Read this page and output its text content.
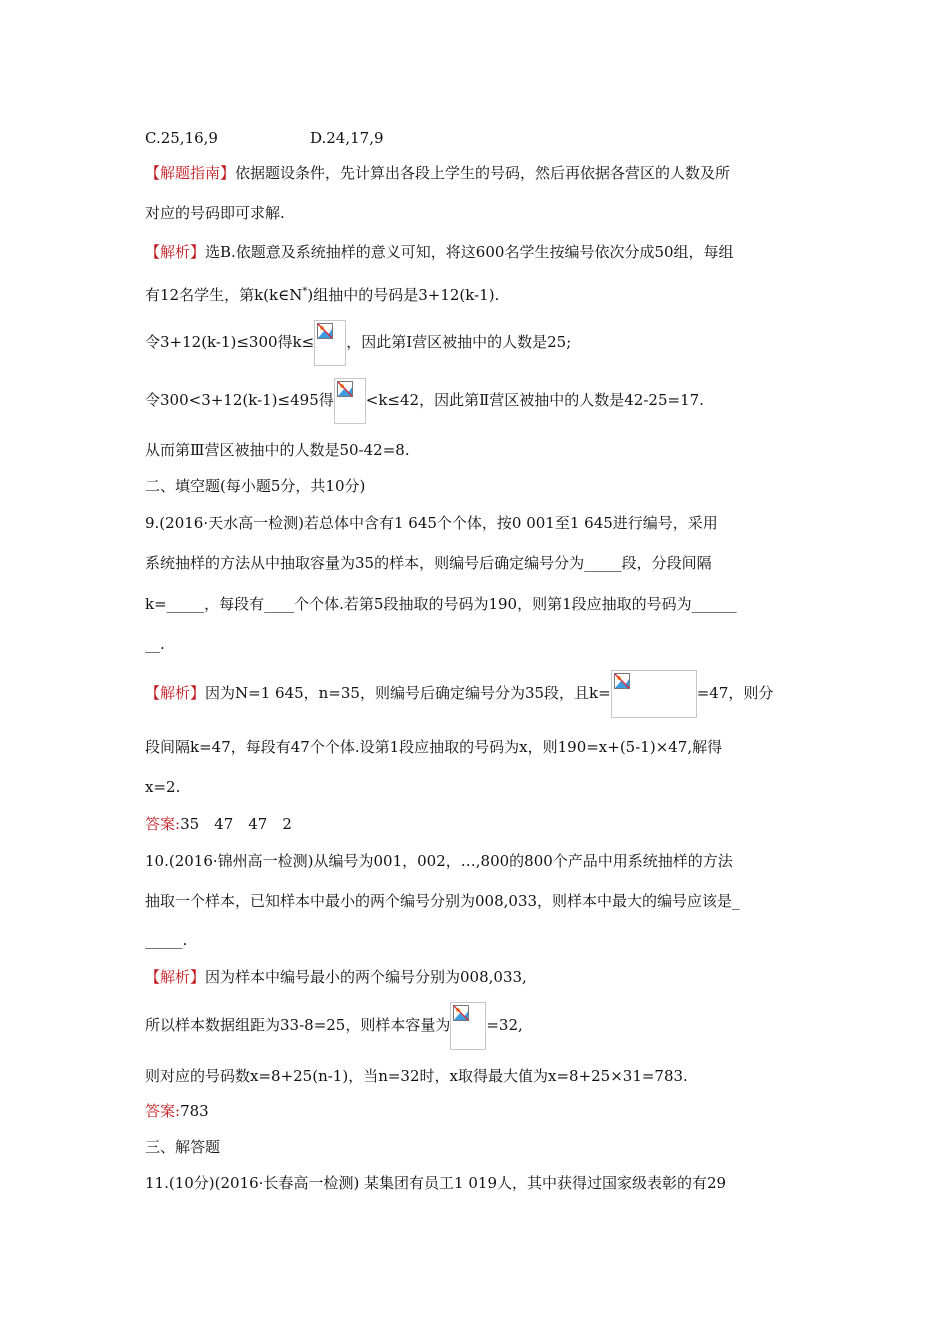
C.25,16,9	D.24,17,9
【解题指南】依据题设条件，先计算出各段上学生的号码，然后再依据各营区的人数及所
对应的号码即可求解.
【解析】选B.依题意及系统抽样的意义可知，将这600名学生按编号依次分成50组，每组
有12名学生，第k(k∈N*)组抽中的号码是3+12(k-1).
令3+12(k-1)≤300得k≤ ，因此第Ⅰ营区被抽中的人数是25;
令300<3+12(k-1)≤495得 <k≤42，因此第Ⅱ营区被抽中的人数是42-25=17.
从而第Ⅲ营区被抽中的人数是50-42=8.
二、填空题(每小题5分，共10分)
9.(2016·天水高一检测)若总体中含有1 645个个体，按0 001至1 645进行编号，采用
系统抽样的方法从中抽取容量为35的样本，则编号后确定编号分为_____段，分段间隔
k=_____，每段有____个个体.若第5段抽取的号码为190，则第1段应抽取的号码为______
__.
【解析】因为N=1 645，n=35，则编号后确定编号分为35段，且k=	=47，则分
段间隔k=47，每段有47个个体.设第1段应抽取的号码为x，则190=x+(5-1)×47,解得
x=2.
答案:35　47　47　2
10.(2016·锦州高一检测)从编号为001，002，…,800的800个产品中用系统抽样的方法
抽取一个样本，已知样本中最小的两个编号分别为008,033，则样本中最大的编号应该是_
_____.
【解析】因为样本中编号最小的两个编号分别为008,033,
所以样本数据组距为33-8=25，则样本容量为 =32,
则对应的号码数x=8+25(n-1)，当n=32时，x取得最大值为x=8+25×31=783.
答案:783
三、解答题
11.(10分)(2016·长春高一检测) 某集团有员工1 019人，其中获得过国家级表彰的有29
